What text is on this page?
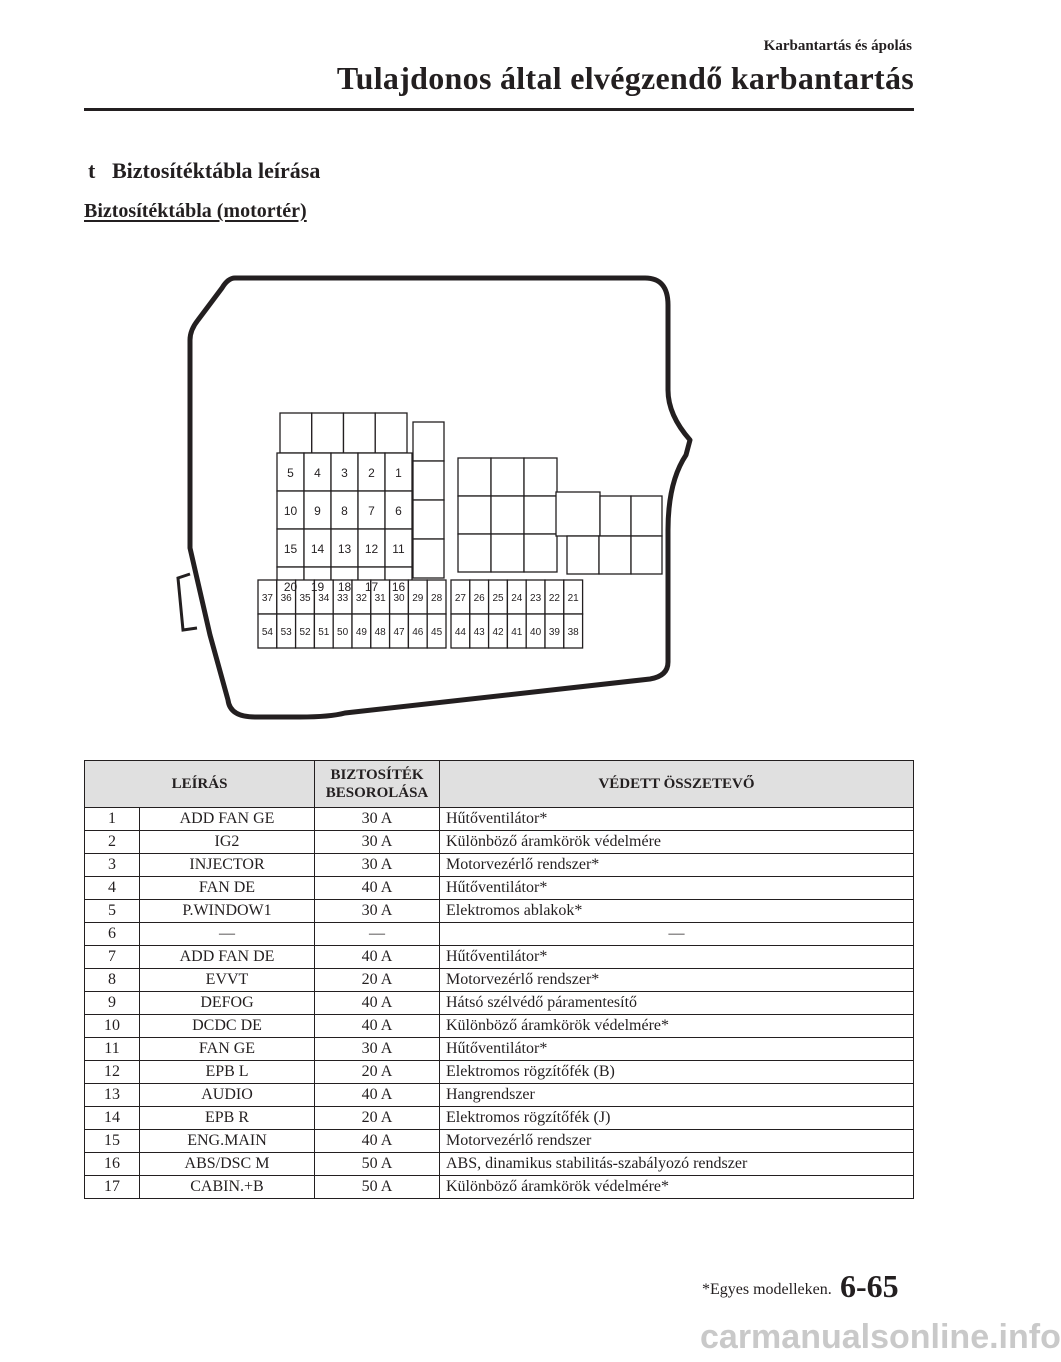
Karbantartás és ápolás
Tulajdonos által elvégzendő karbantartás
t Biztosítéktábla leírása
Biztosítéktábla (motortér)
5 4 3 2 1
10 9 8 7 6
15 14 13 12 11
20 19 18 17 16
37 36 35 34 33 32 31 30 29 28
54 53 52 51 50 49 48 47 46 45
27 26 25 24 23 22 21
44 43 42 41 40 39 38
LEÍRÁS		BIZTOSÍTÉK BESOROLÁSA	VÉDETT ÖSSZETEVŐ
1	ADD FAN GE	30 A	Hűtőventilátor*
2	IG2	30 A	Különböző áramkörök védelmére
3	INJECTOR	30 A	Motorvezérlő rendszer*
4	FAN DE	40 A	Hűtőventilátor*
5	P.WINDOW1	30 A	Elektromos ablakok*
6	—	—	—
7	ADD FAN DE	40 A	Hűtőventilátor*
8	EVVT	20 A	Motorvezérlő rendszer*
9	DEFOG	40 A	Hátsó szélvédő páramentesítő
10	DCDC DE	40 A	Különböző áramkörök védelmére*
11	FAN GE	30 A	Hűtőventilátor*
12	EPB L	20 A	Elektromos rögzítőfék (B)
13	AUDIO	40 A	Hangrendszer
14	EPB R	20 A	Elektromos rögzítőfék (J)
15	ENG.MAIN	40 A	Motorvezérlő rendszer
16	ABS/DSC M	50 A	ABS, dinamikus stabilitás-szabályozó rendszer
17	CABIN.+B	50 A	Különböző áramkörök védelmére*
*Egyes modelleken. 6-65
carmanualsonline.info
